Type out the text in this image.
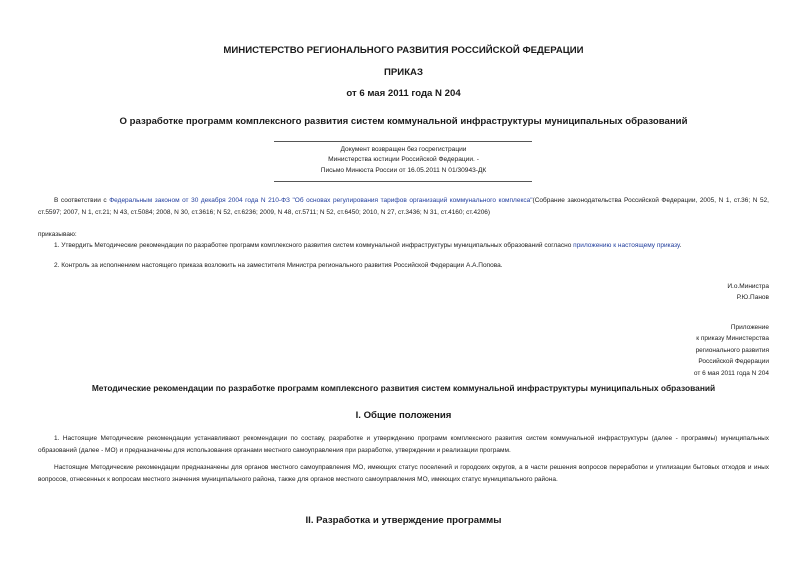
МИНИСТЕРСТВО РЕГИОНАЛЬНОГО РАЗВИТИЯ РОССИЙСКОЙ ФЕДЕРАЦИИ
ПРИКАЗ
от 6 мая 2011 года N 204
О разработке программ комплексного развития систем коммунальной инфраструктуры муниципальных образований
Документ возвращен без госрегистрации
Министерства юстиции Российской Федерации. -
Письмо Минюста России от 16.05.2011 N 01/30943-ДК
В соответствии с Федеральным законом от 30 декабря 2004 года N 210-ФЗ "Об основах регулирования тарифов организаций коммунального комплекса"(Собрание законодательства Российской Федерации, 2005, N 1, ст.36; N 52, ст.5597; 2007, N 1, ст.21; N 43, ст.5084; 2008, N 30, ст.3616; N 52, ст.6236; 2009, N 48, ст.5711; N 52, ст.6450; 2010, N 27, ст.3436; N 31, ст.4160; ст.4206)
приказываю:
1. Утвердить Методические рекомендации по разработке программ комплексного развития систем коммунальной инфраструктуры муниципальных образований согласно приложению к настоящему приказу.
2. Контроль за исполнением настоящего приказа возложить на заместителя Министра регионального развития Российской Федерации А.А.Попова.
И.о.Министра
Р.Ю.Панов
Приложение
к приказу Министерства
регионального развития
Российской Федерации
от 6 мая 2011 года N 204
Методические рекомендации по разработке программ комплексного развития систем коммунальной инфраструктуры муниципальных образований
I. Общие положения
1. Настоящие Методические рекомендации устанавливают рекомендации по составу, разработке и утверждению программ комплексного развития систем коммунальной инфраструктуры (далее - программы) муниципальных образований (далее - МО) и предназначены для использования органами местного самоуправления при разработке, утверждении и реализации программ.
Настоящие Методические рекомендации предназначены для органов местного самоуправления МО, имеющих статус поселений и городских округов, а в части решения вопросов переработки и утилизации бытовых отходов и иных вопросов, отнесенных к вопросам местного значения муниципального района, также для органов местного самоуправления МО, имеющих статус муниципального района.
II. Разработка и утверждение программы
